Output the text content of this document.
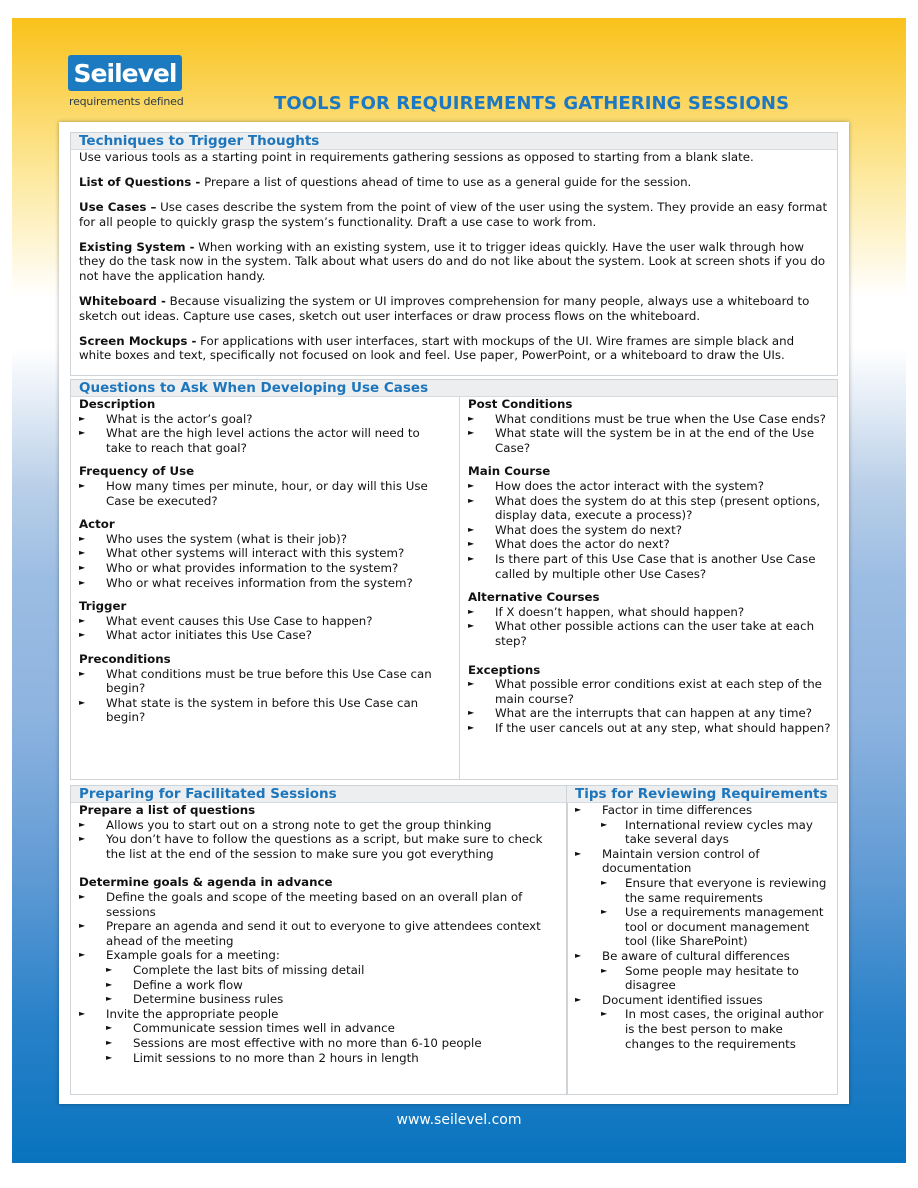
Seilevel
requirements defined	TOOLS FOR REQUIREMENTS GATHERING SESSIONS
Techniques to Trigger Thoughts
Use various tools as a starting point in requirements gathering sessions as opposed to starting from a blank slate.
List of Questions - Prepare a list of questions ahead of time to use as a general guide for the session.
Use Cases – Use cases describe the system from the point of view of the user using the system. They provide an easy format for all people to quickly grasp the system’s functionality. Draft a use case to work from.
Existing System - When working with an existing system, use it to trigger ideas quickly. Have the user walk through how they do the task now in the system. Talk about what users do and do not like about the system. Look at screen shots if you do not have the application handy.
Whiteboard - Because visualizing the system or UI improves comprehension for many people, always use a whiteboard to sketch out ideas. Capture use cases, sketch out user interfaces or draw process flows on the whiteboard.
Screen Mockups - For applications with user interfaces, start with mockups of the UI. Wire frames are simple black and white boxes and text, specifically not focused on look and feel. Use paper, PowerPoint, or a whiteboard to draw the UIs.
Questions to Ask When Developing Use Cases
Description
► What is the actor’s goal?
► What are the high level actions the actor will need to take to reach that goal?
Frequency of Use
► How many times per minute, hour, or day will this Use Case be executed?
Actor
► Who uses the system (what is their job)?
► What other systems will interact with this system?
► Who or what provides information to the system?
► Who or what receives information from the system?
Trigger
► What event causes this Use Case to happen?
► What actor initiates this Use Case?
Preconditions
► What conditions must be true before this Use Case can begin?
► What state is the system in before this Use Case can begin?
Post Conditions
► What conditions must be true when the Use Case ends?
► What state will the system be in at the end of the Use Case?
Main Course
► How does the actor interact with the system?
► What does the system do at this step (present options, display data, execute a process)?
► What does the system do next?
► What does the actor do next?
► Is there part of this Use Case that is another Use Case called by multiple other Use Cases?
Alternative Courses
► If X doesn’t happen, what should happen?
► What other possible actions can the user take at each step?
Exceptions
► What possible error conditions exist at each step of the main course?
► What are the interrupts that can happen at any time?
► If the user cancels out at any step, what should happen?
Preparing for Facilitated Sessions
Prepare a list of questions
► Allows you to start out on a strong note to get the group thinking
► You don’t have to follow the questions as a script, but make sure to check the list at the end of the session to make sure you got everything
Determine goals & agenda in advance
► Define the goals and scope of the meeting based on an overall plan of sessions
► Prepare an agenda and send it out to everyone to give attendees context ahead of the meeting
► Example goals for a meeting:
► Complete the last bits of missing detail
► Define a work flow
► Determine business rules
► Invite the appropriate people
► Communicate session times well in advance
► Sessions are most effective with no more than 6-10 people
► Limit sessions to no more than 2 hours in length
Tips for Reviewing Requirements
► Factor in time differences
► International review cycles may take several days
► Maintain version control of documentation
► Ensure that everyone is reviewing the same requirements
► Use a requirements management tool or document management tool (like SharePoint)
► Be aware of cultural differences
► Some people may hesitate to disagree
► Document identified issues
► In most cases, the original author is the best person to make changes to the requirements
www.seilevel.com
